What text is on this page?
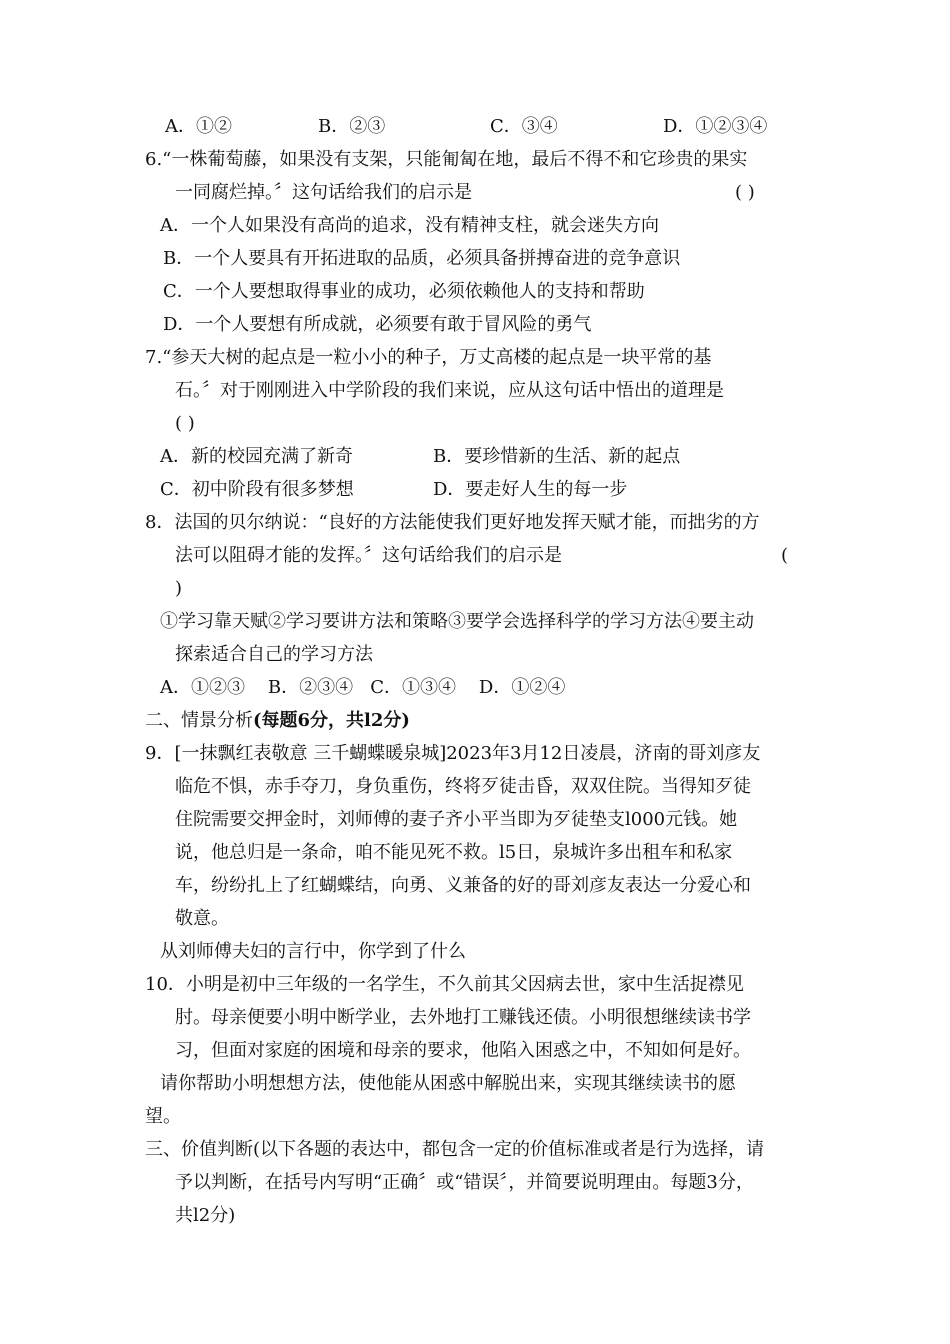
A．①②	B．②③	C．③④	D．①②③④
6.“一株葡萄藤，如果没有支架，只能匍匐在地，最后不得不和它珍贵的果实
一同腐烂掉。〞这句话给我们的启示是	( )
A．一个人如果没有高尚的追求，没有精神支柱，就会迷失方向
B．一个人要具有开拓进取的品质，必须具备拼搏奋进的竞争意识
C．一个人要想取得事业的成功，必须依赖他人的支持和帮助
D．一个人要想有所成就，必须要有敢于冒风险的勇气
7.“参天大树的起点是一粒小小的种子，万丈高楼的起点是一块平常的基
石。〞对于刚刚进入中学阶段的我们来说，应从这句话中悟出的道理是
( )
A．新的校园充满了新奇	B．要珍惜新的生活、新的起点
C．初中阶段有很多梦想	D．要走好人生的每一步
8．法国的贝尔纳说：“良好的方法能使我们更好地发挥天赋才能，而拙劣的方
法可以阻碍才能的发挥。〞这句话给我们的启示是	(
)
①学习靠天赋②学习要讲方法和策略③要学会选择科学的学习方法④要主动
探索适合自己的学习方法
A．①②③    B．②③④   C．①③④    D．①②④
二、情景分析(每题6分，共l2分)
9．[一抹飘红表敬意 三千蝴蝶暖泉城]2023年3月12日凌晨，济南的哥刘彦友
临危不惧，赤手夺刀，身负重伤，终将歹徒击昏，双双住院。当得知歹徒
住院需要交押金时，刘师傅的妻子齐小平当即为歹徒垫支l000元钱。她
说，他总归是一条命，咱不能见死不救。l5日，泉城许多出租车和私家
车，纷纷扎上了红蝴蝶结，向勇、义兼备的好的哥刘彦友表达一分爱心和
敬意。
从刘师傅夫妇的言行中，你学到了什么
10．小明是初中三年级的一名学生，不久前其父因病去世，家中生活捉襟见
肘。母亲便要小明中断学业，去外地打工赚钱还债。小明很想继续读书学
习，但面对家庭的困境和母亲的要求，他陷入困惑之中，不知如何是好。
请你帮助小明想想方法，使他能从困惑中解脱出来，实现其继续读书的愿
望。
三、价值判断(以下各题的表达中，都包含一定的价值标准或者是行为选择，请
予以判断，在括号内写明“正确〞或“错误〞，并简要说明理由。每题3分，
共l2分)
